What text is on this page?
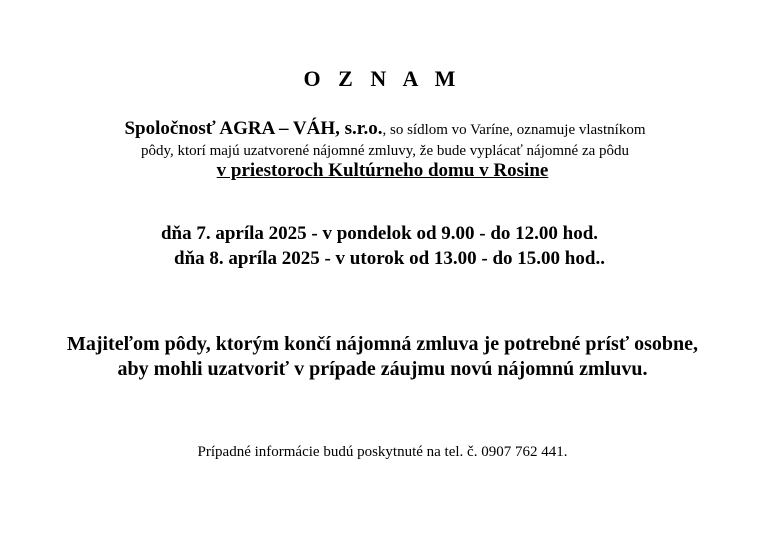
O Z N A M
Spoločnosť AGRA – VÁH, s.r.o., so sídlom vo Varíne, oznamuje vlastníkom
pôdy, ktorí majú uzatvorené nájomné zmluvy, že bude vyplácať nájomné za pôdu
v priestoroch Kultúrneho domu v Rosine
dňa 7. apríla 2025 - v pondelok od 9.00 - do 12.00 hod.
dňa 8. apríla 2025 - v utorok od 13.00 - do 15.00 hod..
Majiteľom pôdy, ktorým končí nájomná zmluva je potrebné prísť osobne, aby mohli uzatvoriť v prípade záujmu novú nájomnú zmluvu.
Prípadné informácie budú poskytnuté na tel. č. 0907 762 441.
